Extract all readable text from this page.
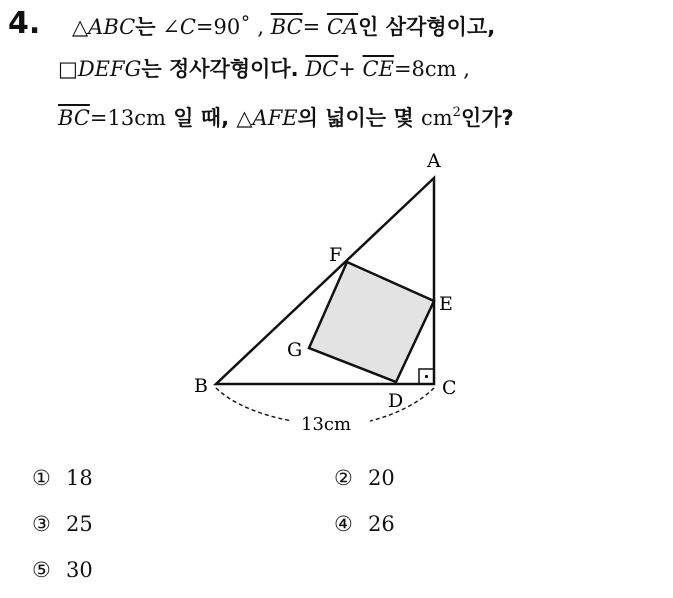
4. △ABC는 ∠C=90˚ , $\overline{BC}= \overline{CA}$인 삼각형이고,
□DEFG는 정사각형이다. $\overline{DC}+ \overline{CE}=8cm$ ,
$\overline{BC}=13cm$ 일 때, △AFE의 넓이는 몇 $cm^2$인가?
A
B	C
D
E
F
G
13cm
① 18	② 20
③ 25	④ 26
⑤ 30
